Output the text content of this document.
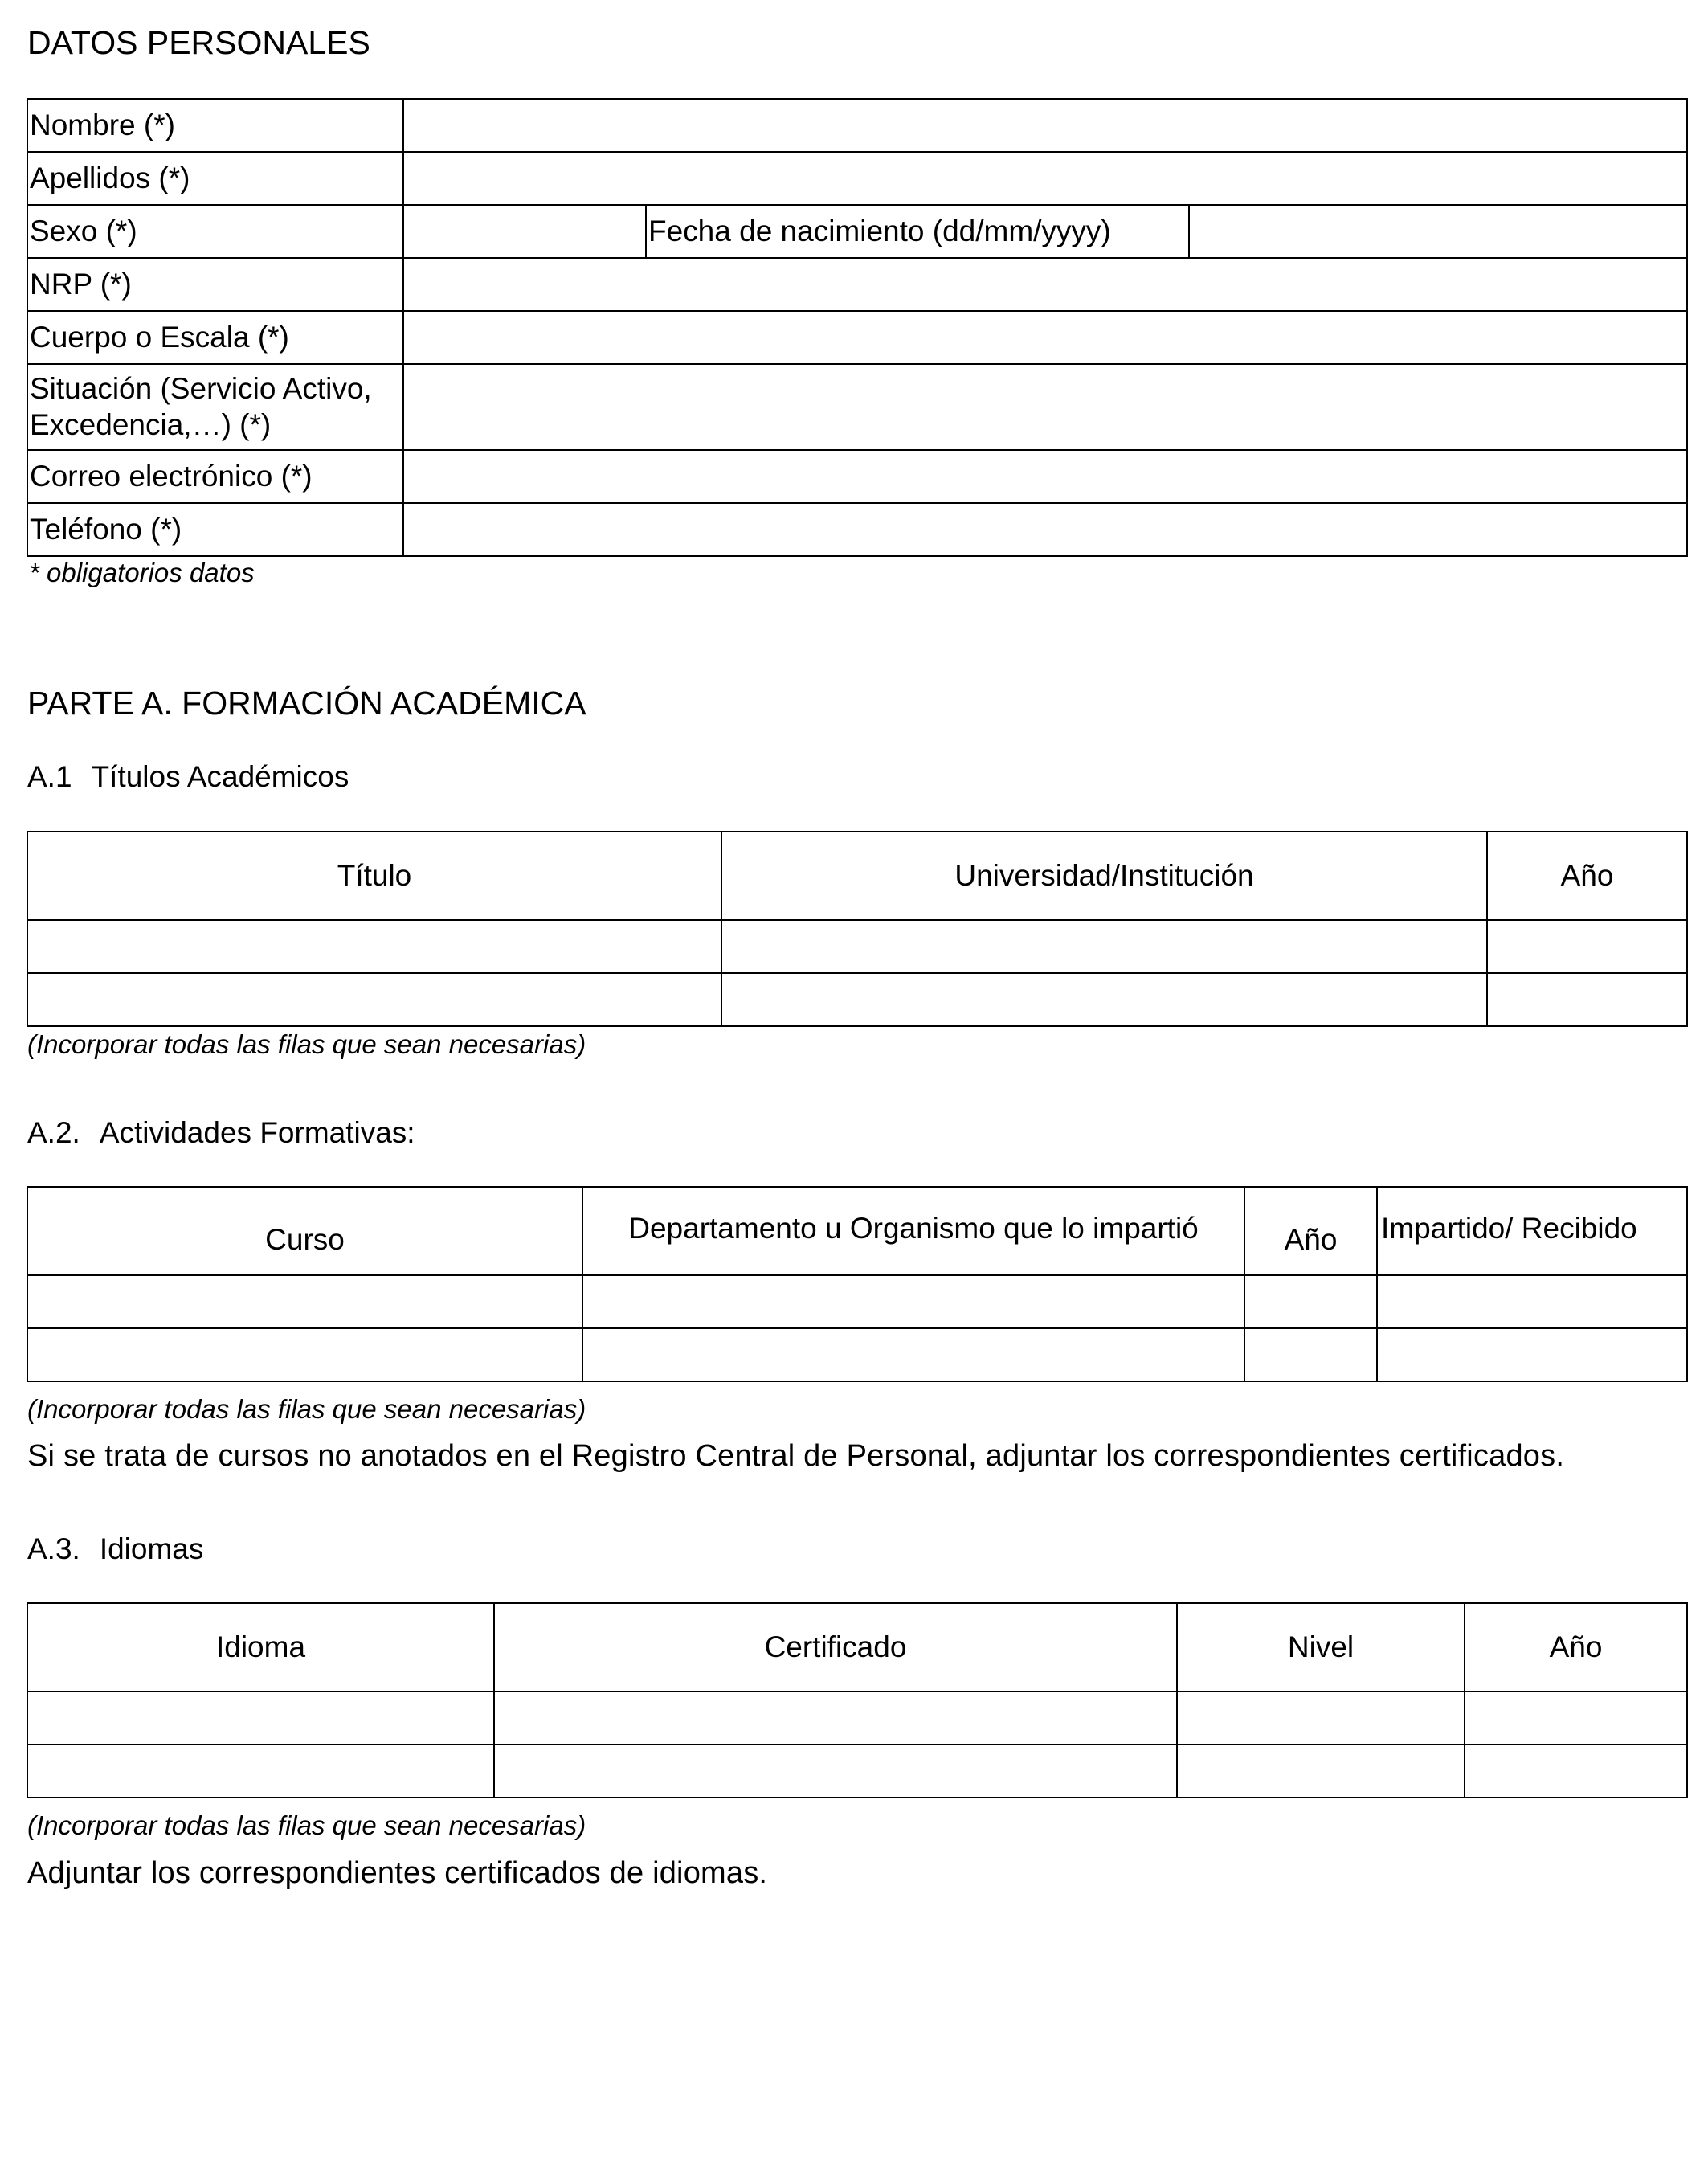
DATOS PERSONALES
Nombre (*)			
Apellidos (*)			
Sexo (*)		Fecha de nacimiento (dd/mm/yyyy)	
NRP (*)			
Cuerpo o Escala (*)			

Situación (Servicio Activo,
Excedencia,…) (*)			

Correo electrónico (*)			
Teléfono (*)			
* obligatorios datos
PARTE A. FORMACIÓN ACADÉMICA
A.1 Títulos Académicos
Título	Universidad/Institución	Año

(Incorporar todas las filas que sean necesarias)
A.2. Actividades Formativas:
Curso	Departamento u Organismo que lo impartió	Año	Impartido/ Recibido

(Incorporar todas las filas que sean necesarias)
Si se trata de cursos no anotados en el Registro Central de Personal, adjuntar los correspondientes certificados.
A.3. Idiomas
Idioma	Certificado	Nivel	Año

(Incorporar todas las filas que sean necesarias)
Adjuntar los correspondientes certificados de idiomas.
